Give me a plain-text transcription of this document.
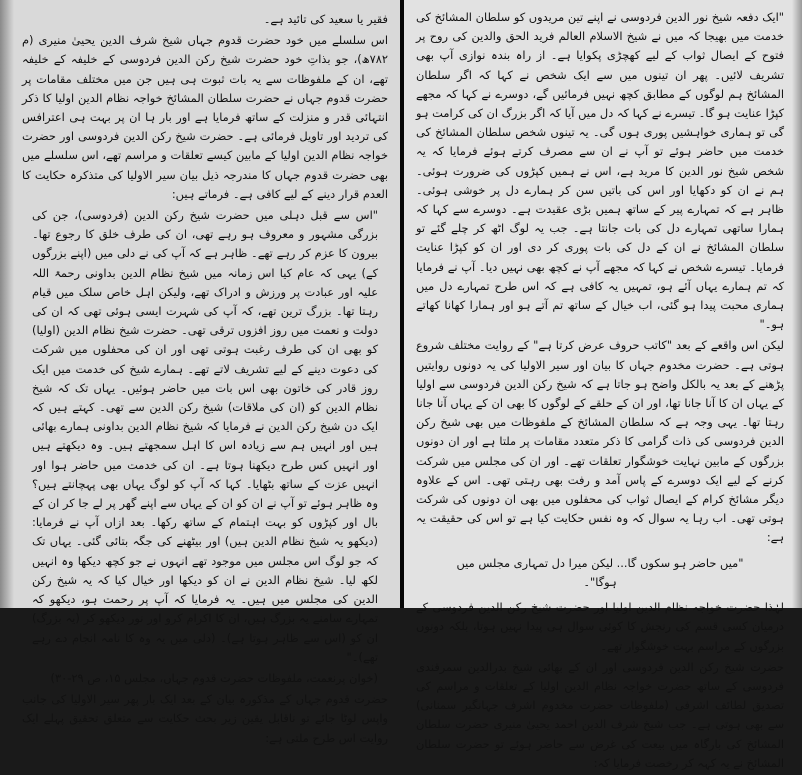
فقیر یا سعید کی تائید ہے۔

اس سلسلے میں خود حضرت قدوم جہاں شیخ شرف الدین یحییٰ منیری (م ۷۸۲ھ)، جو بذاتِ خود حضرت شیخ رکن الدین فردوسی کے خلیفہ کے خلیفہ تھے، ان کے ملفوظات سے یہ بات ثبوت ہی ہیں جن میں مختلف مقامات پر حضرت قدوم جہاں نے حضرت سلطان المشائخ خواجہ نظام الدین اولیا کا ذکر انتہائی قدر و منزلت کے ساتھ فرمایا ہے اور بار ہا ان پر بہت ہی اعترافس کی تردید اور تاویل فرمائی ہے۔ حضرت شیخ رکن الدین فردوسی اور حضرت خواجہ نظام الدین اولیا کے مابین کیسے تعلقات و مراسم تھے، اس سلسلے میں بھی حضرت قدوم جہاں کا مندرجہ ذیل بیان سیر الاولیا کی متذکرہ حکایت کا العدم قرار دینے کے لیے کافی ہے۔ فرماتے ہیں:

"اس سے قبل دہلی میں حضرت شیخ رکن الدین (فردوسی)، جن کی بزرگی مشہور و معروف ہو رہے تھی، ان کی طرف خلق کا رجوع تھا۔ بیرون کا عزم کر رہے تھے۔ ظاہر ہے کہ آپ کی نے دلی میں (اپنے بزرگوں کے) یہی کہ عام کیا اس زمانہ میں شیخ نظام الدین بداونی رحمۃ اللہ علیہ اور عبادت پر ورزش و ادراک تھے، ولیکن اہل خاص سلک میں قیام رہتا تھا۔ بزرگ ترین تھے، کہ آپ کی شہرت ایسی ہوئی تھی کہ ان کی دولت و نعمت میں روز افزوں ترقی تھی۔ حضرت شیخ نظام الدین (اولیا) کو بھی ان کی طرف رغبت ہوتی تھی اور ان کی محفلوں میں شرکت کی دعوت دینے کے لیے تشریف لاتے تھے۔ ہمارے شیخ کی خدمت میں ایک روز قادر کی خاتون بھی اس بات میں حاضر ہوئیں۔ یہاں تک کہ شیخ نظام الدین کو (ان کی ملاقات) شیخ رکن الدین سے تھی۔ کہتے ہیں کہ ایک دن شیخ رکن الدین نے فرمایا کہ شیخ نظام الدین بداونی ہمارے بھائی ہیں اور انہیں ہم سے زیادہ اس کا اہل سمجھتے ہیں۔ وہ دیکھتے ہیں اور انہیں کس طرح دیکھنا ہوتا ہے۔ ان کی خدمت میں حاضر ہوا اور انہیں عزت کے ساتھ بٹھایا۔ کہا کہ آپ کو لوگ یہاں بھی پہچانتے ہیں؟ وہ ظاہر ہوئے تو آپ نے ان کو ان کے یہاں سے اپنے گھر پر لے جا کر ان کے بال اور کپڑوں کو بہت اہتمام کے ساتھ رکھا۔ بعد ازاں آپ نے فرمایا: (دیکھو یہ شیخ نظام الدین ہیں) اور بیٹھنے کی جگہ بتائی گئی۔ یہاں تک کہ جو لوگ اس مجلس میں موجود تھے انہوں نے جو کچھ دیکھا وہ انہیں لکھ لیا۔ شیخ نظام الدین نے ان کو دیکھا اور خیال کیا کہ یہ شیخ رکن الدین کی مجلس میں ہیں۔ یہ فرمایا کہ آپ پر رحمت ہو، دیکھو کہ تمہارے سامنے یہ بزرگ ہیں، ان کا اکرام کرو اور نور دیکھو کر (یہ بزرگ) ان کو (اس سے ظاہر ہوتا ہے)۔ (دلی میں یہ وہ کا نامہ انجام دے رہے تھے)۔"

(خوان پرنعمت، ملفوظات حضرت قدوم جہاں، مجلس ۱۵، ص ۲۹-۳۰)

حضرت قدوم جہاں کے مذکورہ بیان کے بعد ایک بار پھر سیر الاولیا کی جانب واپس لوٹا جائے تو ناقابل یقین زیر بحث حکایت سے متعلق تحقیق پہلے ایک روایت اس طرح ملتی ہے:

"ایک دفعہ شیخ نور الدین فردوسی نے اپنے تین مریدوں کو سلطان المشائخ کی خدمت میں بھیجا کہ میں نے شیخ الاسلام العالم فرید الحق والدین کی روح پر فتوح کے ایصال ثواب کے لیے کھچڑی پکوایا ہے۔ از راہ بندہ نوازی آپ بھی تشریف لائیں۔ پھر ان تینوں میں سے ایک شخص نے کہا کہ اگر سلطان المشائخ ہم لوگوں کے مطابق کچھ نہیں فرمائیں گے، دوسرے نے کہا کہ مجھے کپڑا عنایت ہو گا۔ تیسرے نے کہا کہ دل میں آیا کہ اگر بزرگ ان کی کرامت ہو گی تو ہماری خواہشیں پوری ہوں گی۔ یہ تینوں شخص سلطان المشائخ کی خدمت میں حاضر ہوئے تو آپ نے ان سے مصرف کرتے ہوئے فرمایا کہ یہ شخص شیخ نور الدین کا مرید ہے، اس نے ہمیں کپڑوں کی ضرورت ہوئی۔ ہم نے ان کو دکھایا اور اس کی باتیں سن کر ہمارے دل پر خوشی ہوئی۔ ظاہر ہے کہ تمہارے پیر کے ساتھ ہمیں بڑی عقیدت ہے۔ دوسرے سے کہا کہ ہمارا ساتھی تمہارے دل کی بات جانتا ہے۔ جب یہ لوگ اٹھ کر چلے گئے تو سلطان المشائخ نے ان کے دل کی بات پوری کر دی اور ان کو کپڑا عنایت فرمایا۔ تیسرے شخص نے کہا کہ مجھے آپ نے کچھ بھی نہیں دیا۔ آپ نے فرمایا کہ تم ہمارے یہاں آئے ہو، تمہیں یہ کافی ہے کہ اس طرح تمہارے دل میں ہماری محبت پیدا ہو گئی، اب خیال کے ساتھ تم آتے ہو اور ہمارا کھانا کھاتے ہو۔"

لیکن اس واقعے کے بعد "کاتب حروف عرض کرتا ہے" کے روایت مختلف شروع ہوتی ہے۔ حضرت مخدوم جہاں کا بیان اور سیر الاولیا کی یہ دونوں روایتیں پڑھنے کے بعد یہ بالکل واضح ہو جاتا ہے کہ شیخ رکن الدین فردوسی سے اولیا کے یہاں ان کا آنا جانا تھا، اور ان کے حلقے کے لوگوں کا بھی ان کے یہاں آنا جانا رہتا تھا۔ یہی وجہ ہے کہ سلطان المشائخ کے ملفوظات میں بھی شیخ رکن الدین فردوسی کی ذات گرامی کا ذکر متعدد مقامات پر ملتا ہے اور ان دونوں بزرگوں کے مابین نہایت خوشگوار تعلقات تھے۔ اور ان کی مجلس میں شرکت کرنے کے لیے ایک دوسرے کے پاس آمد و رفت بھی رہتی تھی۔ اس کے علاوہ دیگر مشائخ کرام کے ایصال ثواب کی محفلوں میں بھی ان دونوں کی شرکت ہوتی تھی۔ اب رہا یہ سوال کہ وہ نفس حکایت کیا ہے تو اس کی حقیقت یہ ہے:

"میں حاضر ہو سکوں گا... لیکن میرا دل تمہاری مجلس میں ہوگا"۔

لہٰذا حضرت خواجہ نظام الدین اولیا اور حضرت شیخ رکن الدین فردوسی کے درمیان کسی قسم کی رنجش کا کوئی سوال ہی پیدا نہیں ہوتا، بلکہ دونوں بزرگوں کے مراسم بہت خوشگوار تھے۔

حضرت شیخ رکن الدین فردوسی اور ان کے بھائی شیخ بدرالدین سمرقندی فردوسی کے ساتھ حضرت خواجہ نظام الدین اولیا کے تعلقات و مراسم کی تصدیق لطائف اشرفی (ملفوظات حضرت مخدوم اشرف جہانگیر سمنانی) سے بھی ہوتی ہے۔ جب شیخ شرف الدین احمد یحییٰ منیری حضرت سلطان المشائخ کی بارگاہ میں بیعت کی غرض سے حاضر ہوئے تو حضرت سلطان المشائخ نے یہ کہہ کر رخصت فرمایا کہ:
